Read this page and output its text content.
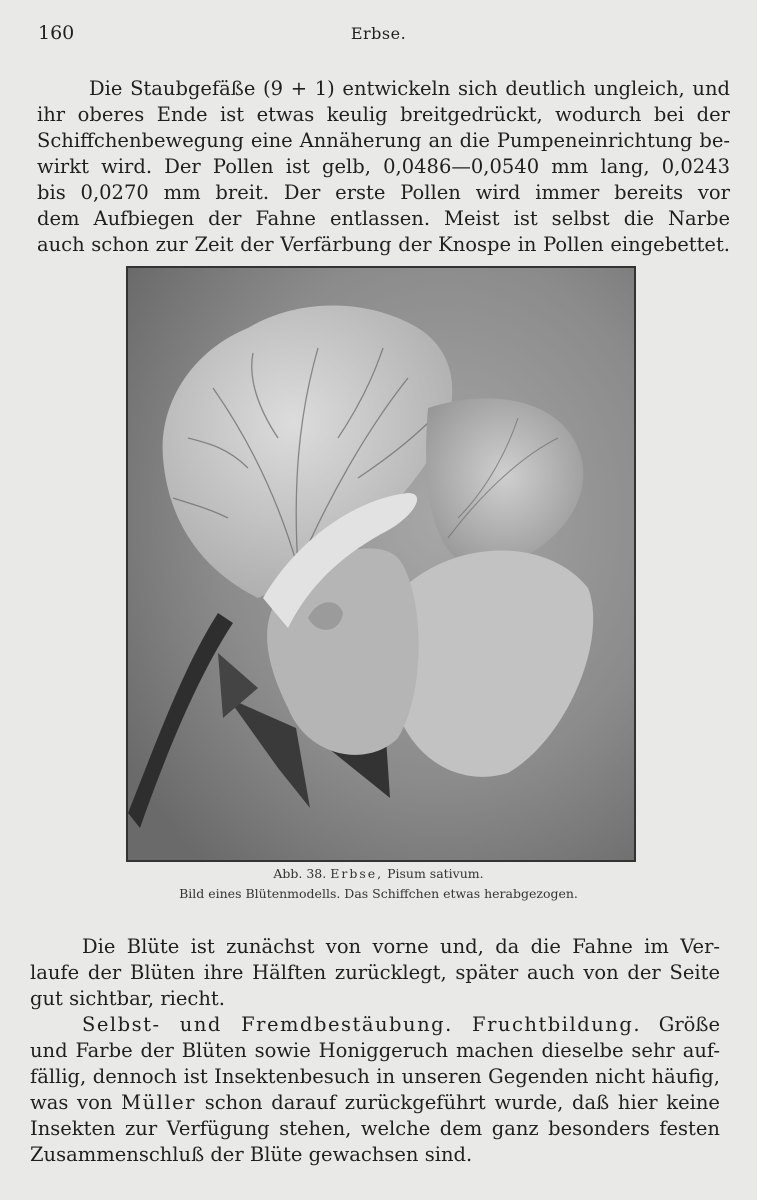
160	Erbse.
Die Staubgefäße (9 + 1) entwickeln sich deutlich ungleich, und
ihr oberes Ende ist etwas keulig breitgedrückt, wodurch bei der
Schiffchenbewegung eine Annäherung an die Pumpeneinrichtung be-
wirkt wird. Der Pollen ist gelb, 0,0486—0,0540 mm lang, 0,0243
bis 0,0270 mm breit. Der erste Pollen wird immer bereits vor
dem Aufbiegen der Fahne entlassen. Meist ist selbst die Narbe
auch schon zur Zeit der Verfärbung der Knospe in Pollen eingebettet.
Abb. 38. Erbse, Pisum sativum.
Bild eines Blütenmodells. Das Schiffchen etwas herabgezogen.
Die Blüte ist zunächst von vorne und, da die Fahne im Ver-
laufe der Blüten ihre Hälften zurücklegt, später auch von der Seite
gut sichtbar, riecht.
Selbst- und Fremdbestäubung. Fruchtbildung. Größe
und Farbe der Blüten sowie Honiggeruch machen dieselbe sehr auf-
fällig, dennoch ist Insektenbesuch in unseren Gegenden nicht häufig,
was von Müller schon darauf zurückgeführt wurde, daß hier keine
Insekten zur Verfügung stehen, welche dem ganz besonders festen
Zusammenschluß der Blüte gewachsen sind.
